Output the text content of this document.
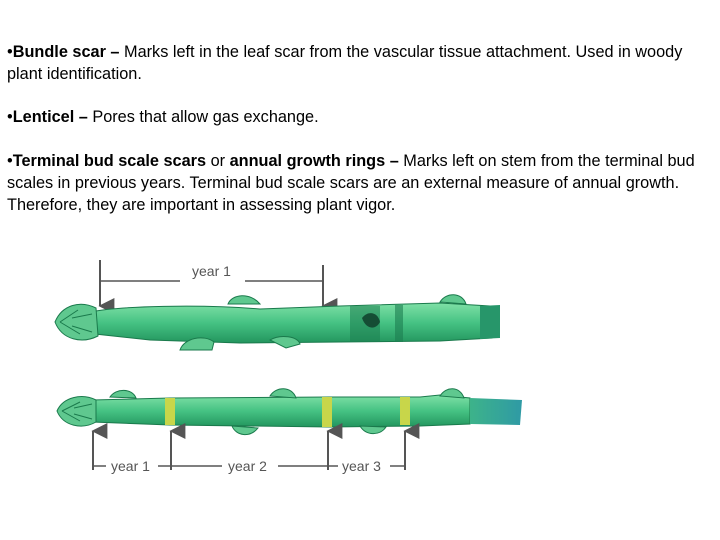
•Bundle scar – Marks left in the leaf scar from the vascular tissue attachment. Used in woody plant identification.

•Lenticel – Pores that allow gas exchange.

•Terminal bud scale scars or annual growth rings – Marks left on stem from the terminal bud scales in previous years. Terminal bud scale scars are an external measure of annual growth. Therefore, they are important in assessing plant vigor.

year 1
year 1	year 2	year 3
